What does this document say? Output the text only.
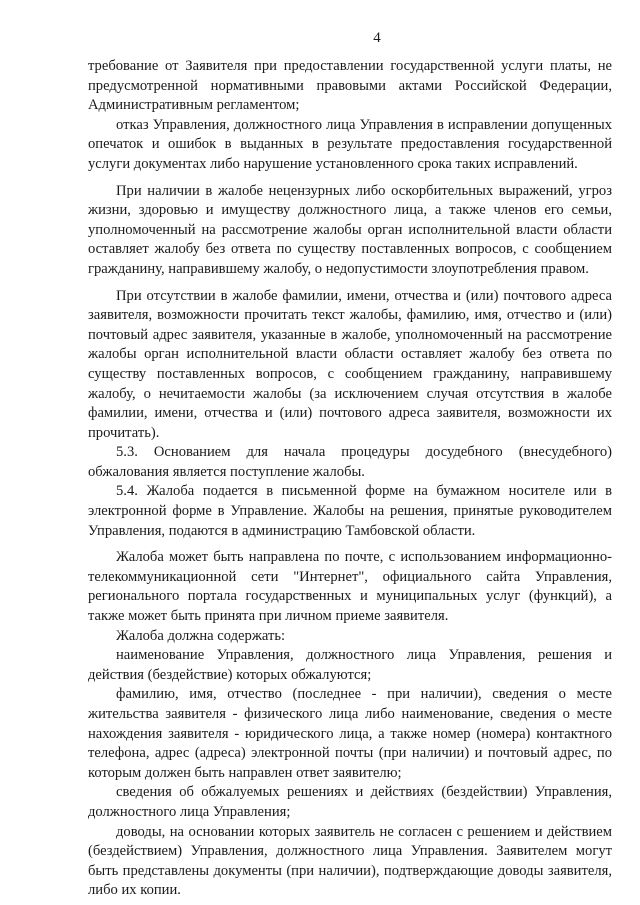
4

требование от Заявителя при предоставлении государственной услуги платы, не предусмотренной нормативными правовыми актами Российской Федерации, Административным регламентом;

отказ Управления, должностного лица Управления в исправлении допущенных опечаток и ошибок в выданных в результате предоставления государственной услуги документах либо нарушение установленного срока таких исправлений.

При наличии в жалобе нецензурных либо оскорбительных выражений, угроз жизни, здоровью и имуществу должностного лица, а также членов его семьи, уполномоченный на рассмотрение жалобы орган исполнительной власти области оставляет жалобу без ответа по существу поставленных вопросов, с сообщением гражданину, направившему жалобу, о недопустимости злоупотребления правом.

При отсутствии в жалобе фамилии, имени, отчества и (или) почтового адреса заявителя, возможности прочитать текст жалобы, фамилию, имя, отчество и (или) почтовый адрес заявителя, указанные в жалобе, уполномоченный на рассмотрение жалобы орган исполнительной власти области оставляет жалобу без ответа по существу поставленных вопросов, с сообщением гражданину, направившему жалобу, о нечитаемости жалобы (за исключением случая отсутствия в жалобе фамилии, имени, отчества и (или) почтового адреса заявителя, возможности их прочитать).

5.3. Основанием для начала процедуры досудебного (внесудебного) обжалования является поступление жалобы.

5.4. Жалоба подается в письменной форме на бумажном носителе или в электронной форме в Управление. Жалобы на решения, принятые руководителем Управления, подаются в администрацию Тамбовской области.

Жалоба может быть направлена по почте, с использованием информационно-телекоммуникационной сети "Интернет", официального сайта Управления, регионального портала государственных и муниципальных услуг (функций), а также может быть принята при личном приеме заявителя.

Жалоба должна содержать:

наименование Управления, должностного лица Управления, решения и действия (бездействие) которых обжалуются;

фамилию, имя, отчество (последнее - при наличии), сведения о месте жительства заявителя - физического лица либо наименование, сведения о месте нахождения заявителя - юридического лица, а также номер (номера) контактного телефона, адрес (адреса) электронной почты (при наличии) и почтовый адрес, по которым должен быть направлен ответ заявителю;

сведения об обжалуемых решениях и действиях (бездействии) Управления, должностного лица Управления;

доводы, на основании которых заявитель не согласен с решением и действием (бездействием) Управления, должностного лица Управления. Заявителем могут быть представлены документы (при наличии), подтверждающие доводы заявителя, либо их копии.
